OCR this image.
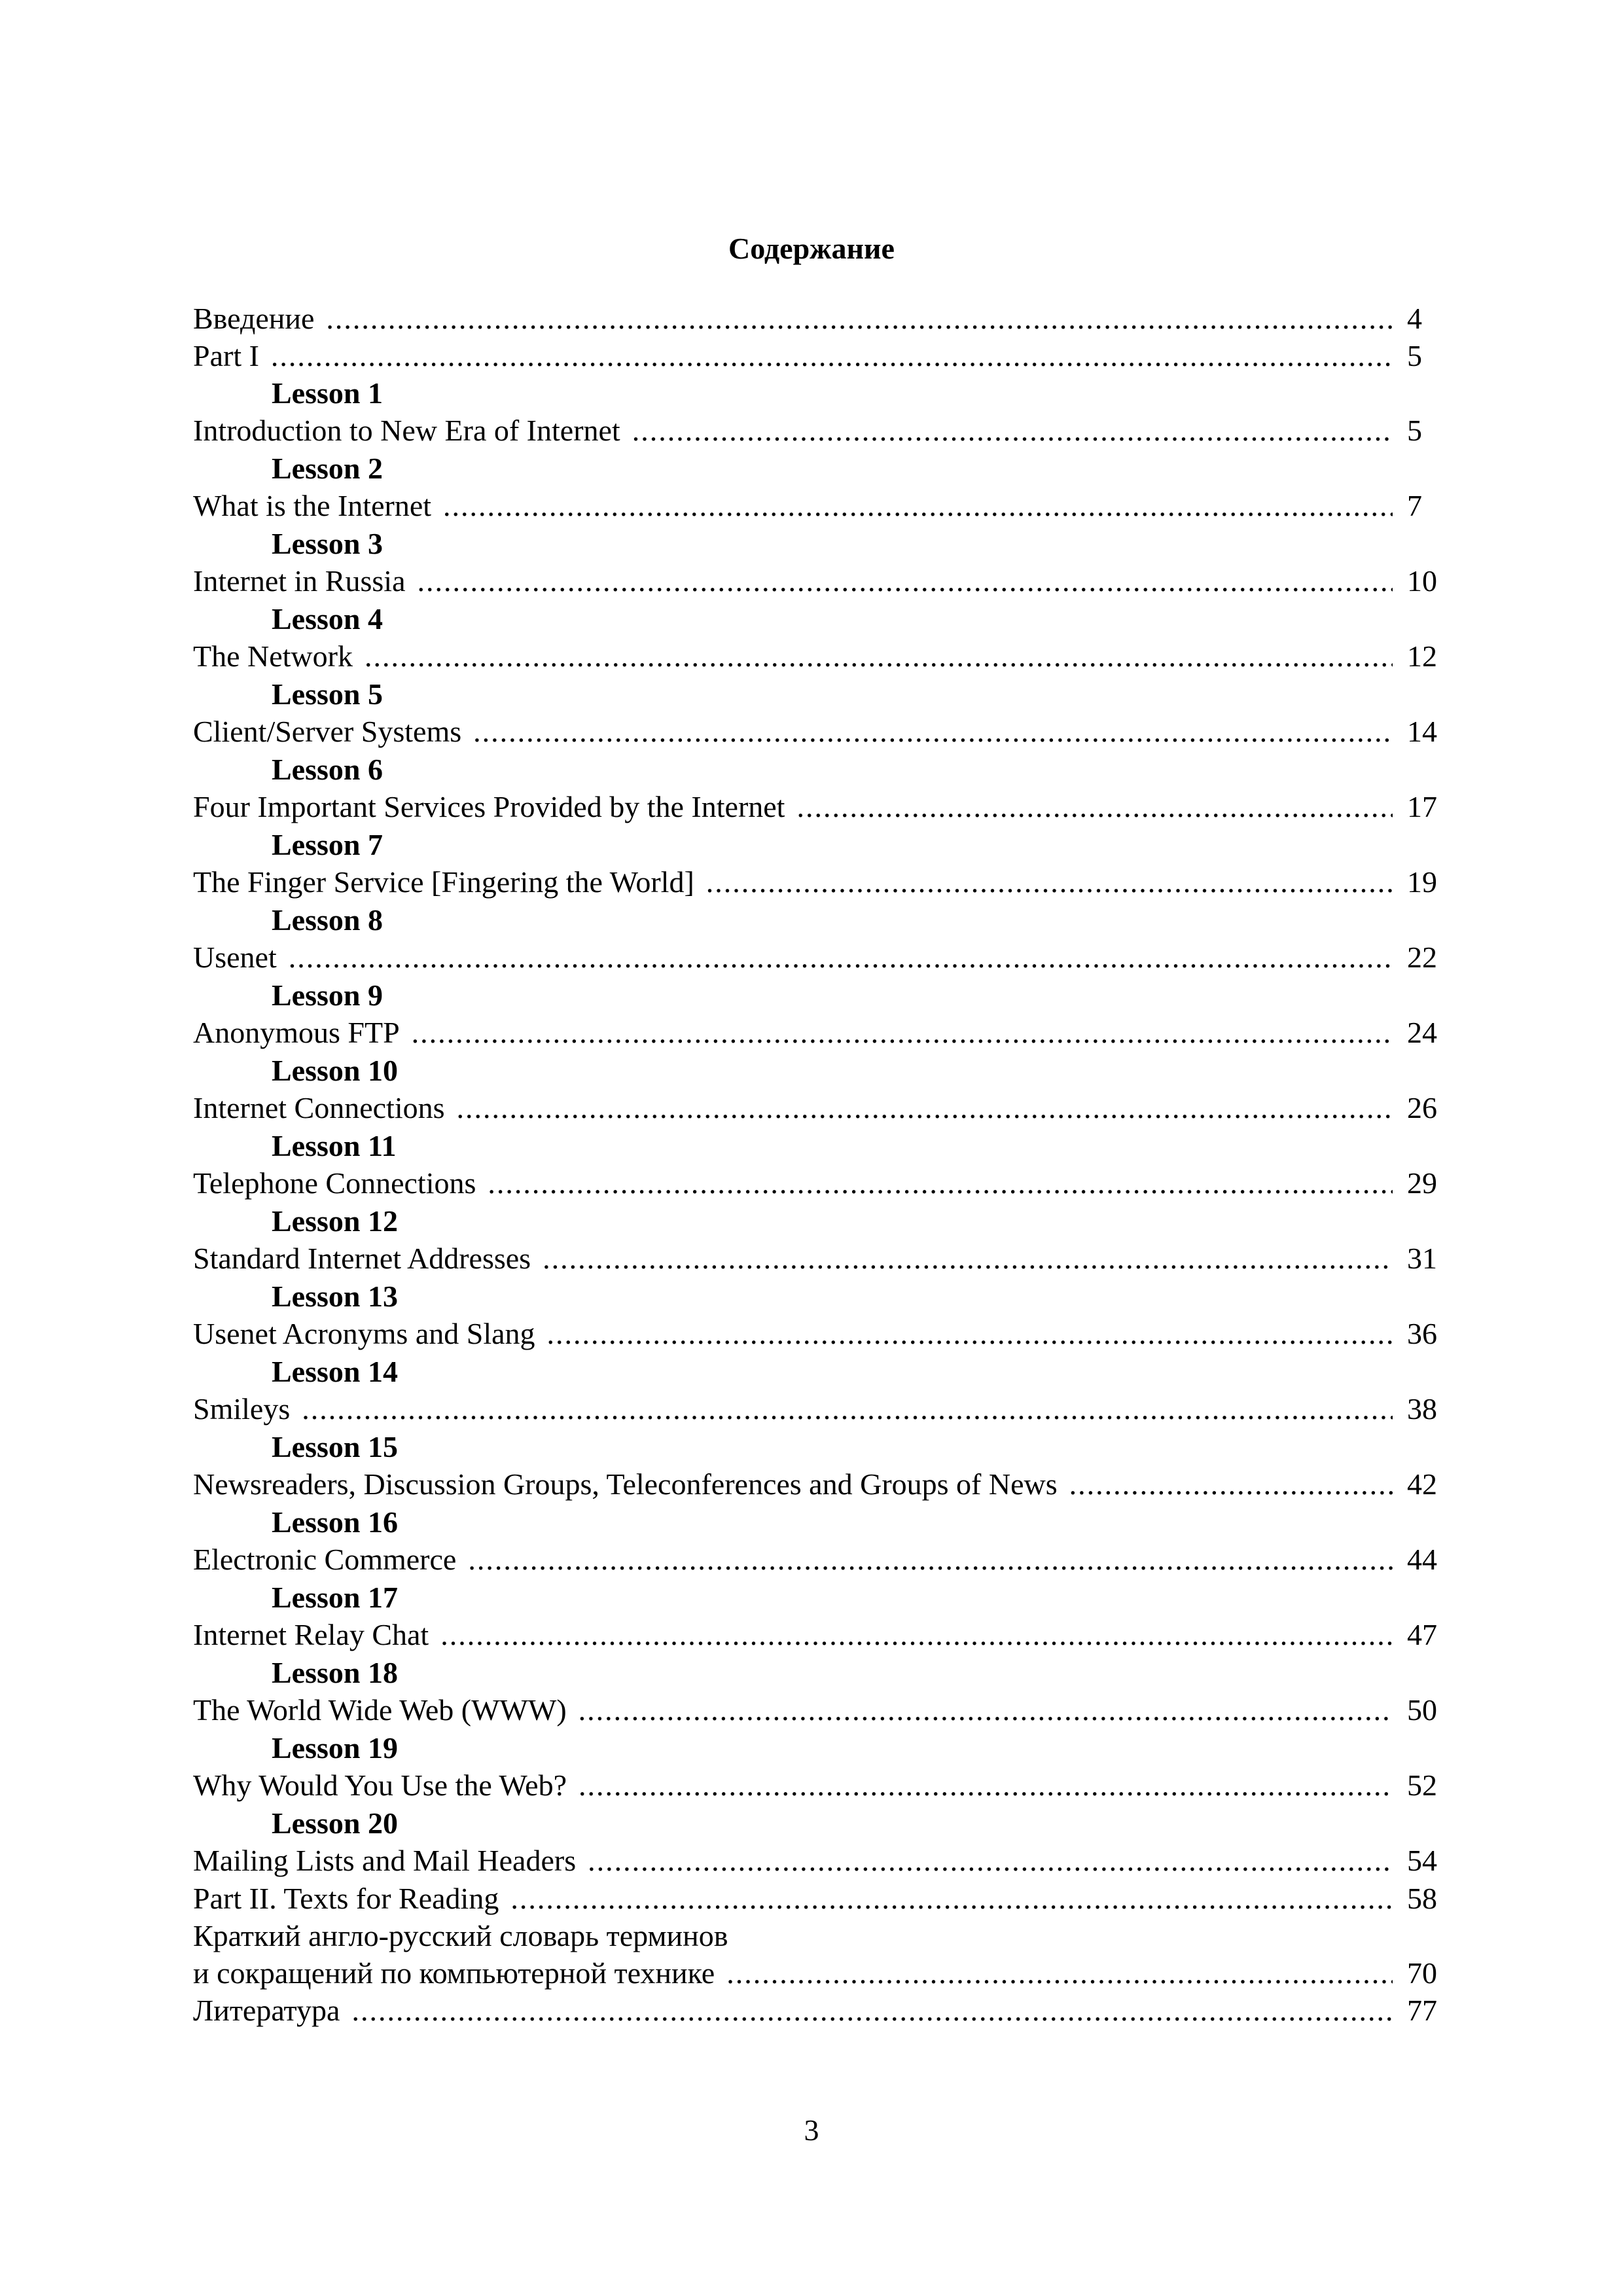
Содержание
Введение .....	4
Part I .....	5
Lesson 1
Introduction to New Era of Internet .....	5
Lesson 2
What is the Internet .....	7
Lesson 3
Internet in Russia .....	10
Lesson 4
The Network .....	12
Lesson 5
Client/Server Systems .....	14
Lesson 6
Four Important Services Provided by the Internet .....	17
Lesson 7
The Finger Service [Fingering the World] .....	19
Lesson 8
Usenet .....	22
Lesson 9
Anonymous FTP .....	24
Lesson 10
Internet Connections .....	26
Lesson 11
Telephone Connections .....	29
Lesson 12
Standard Internet Addresses .....	31
Lesson 13
Usenet Acronyms and Slang .....	36
Lesson 14
Smileys .....	38
Lesson 15
Newsreaders, Discussion Groups, Teleconferences and Groups of News .....	42
Lesson 16
Electronic Commerce .....	44
Lesson 17
Internet Relay Chat .....	47
Lesson 18
The World Wide Web (WWW) .....	50
Lesson 19
Why Would You Use the Web? .....	52
Lesson 20
Mailing Lists and Mail Headers .....	54
Part II. Texts for Reading .....	58
Краткий англо-русский словарь терминов
и сокращений по компьютерной технике .....	70
Литература .....	77
3
